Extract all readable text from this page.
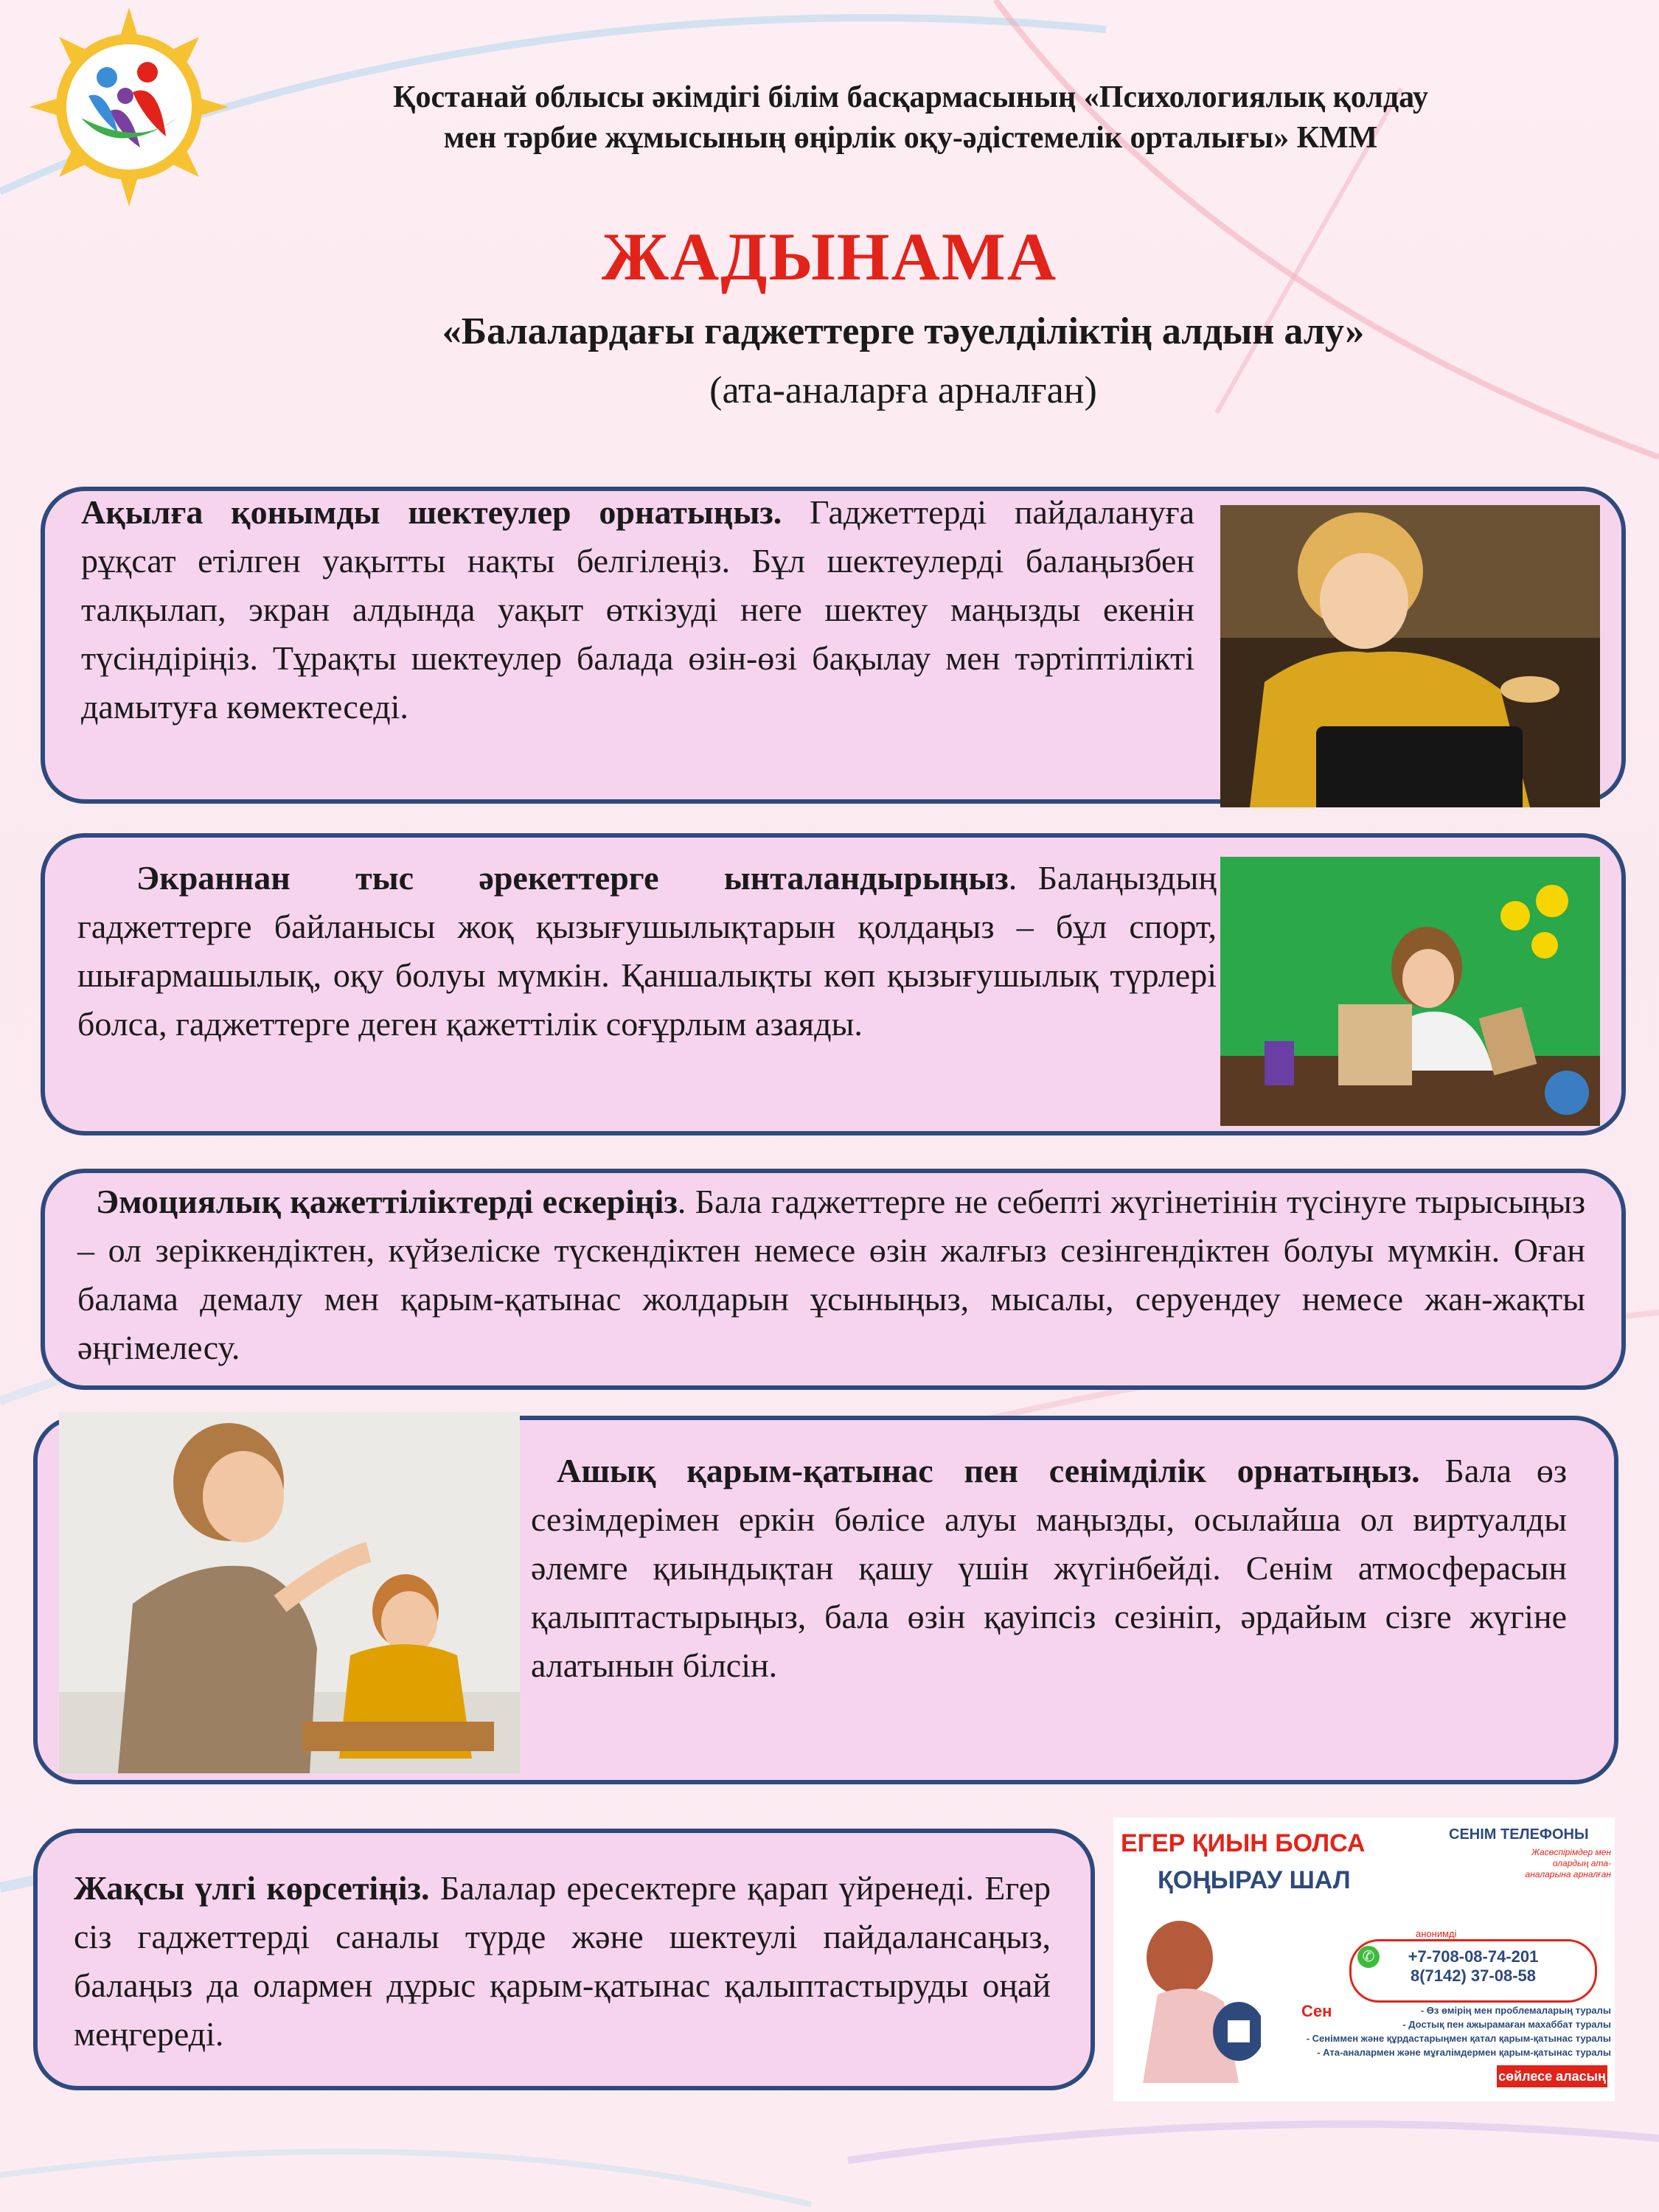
Қостанай облысы әкімдігі білім басқармасының «Психологиялық қолдау
мен тәрбие жұмысының өңірлік оқу-әдістемелік орталығы» КММ
ЖАДЫНАМА
«Балалардағы гаджеттерге тәуелділіктің алдын алу»
(ата-аналарға арналған)
Ақылға қонымды шектеулер орнатыңыз. Гаджеттерді пайдалануға рұқсат етілген уақытты нақты белгілеңіз. Бұл шектеулерді балаңызбен талқылап, экран алдында уақыт өткізуді неге шектеу маңызды екенін түсіндіріңіз. Тұрақты шектеулер балада өзін-өзі бақылау мен тәртіптілікті дамытуға көмектеседі.
Экраннан тыс әрекеттерге ынталандырыңыз. Балаңыздың гаджеттерге байланысы жоқ қызығушылықтарын қолдаңыз – бұл спорт, шығармашылық, оқу болуы мүмкін. Қаншалықты көп қызығушылық түрлері болса, гаджеттерге деген қажеттілік соғұрлым азаяды.
Эмоциялық қажеттіліктерді ескеріңіз. Бала гаджеттерге не себепті жүгінетінін түсінуге тырысыңыз – ол зеріккендіктен, күйзеліске түскендіктен немесе өзін жалғыз сезінгендіктен болуы мүмкін. Оған балама демалу мен қарым-қатынас жолдарын ұсыныңыз, мысалы, серуендеу немесе жан-жақты әңгімелесу.
Ашық қарым-қатынас пен сенімділік орнатыңыз. Бала өз сезімдерімен еркін бөлісе алуы маңызды, осылайша ол виртуалды әлемге қиындықтан қашу үшін жүгінбейді. Сенім атмосферасын қалыптастырыңыз, бала өзін қауіпсіз сезініп, әрдайым сізге жүгіне алатынын білсін.
Жақсы үлгі көрсетіңіз. Балалар ересектерге қарап үйренеді. Егер сіз гаджеттерді саналы түрде және шектеулі пайдалансаңыз, балаңыз да олармен дұрыс қарым-қатынас қалыптастыруды оңай меңгереді.
ЕГЕР ҚИЫН БОЛСА
ҚОҢЫРАУ ШАЛ
СЕНІМ ТЕЛЕФОНЫ
Жасөспірімдер мен олардың ата-аналарына арналған
анонимді
✆	+7-708-08-74-201
8(7142) 37-08-58
Сен	- Өз өмірің мен проблемаларың туралы
- Достық пен ажырамаған махаббат туралы
- Сеніммен және құрдастарыңмен қатал қарым-қатынас туралы
- Ата-аналармен және мұғалімдермен қарым-қатынас туралы
сөйлесе аласың
